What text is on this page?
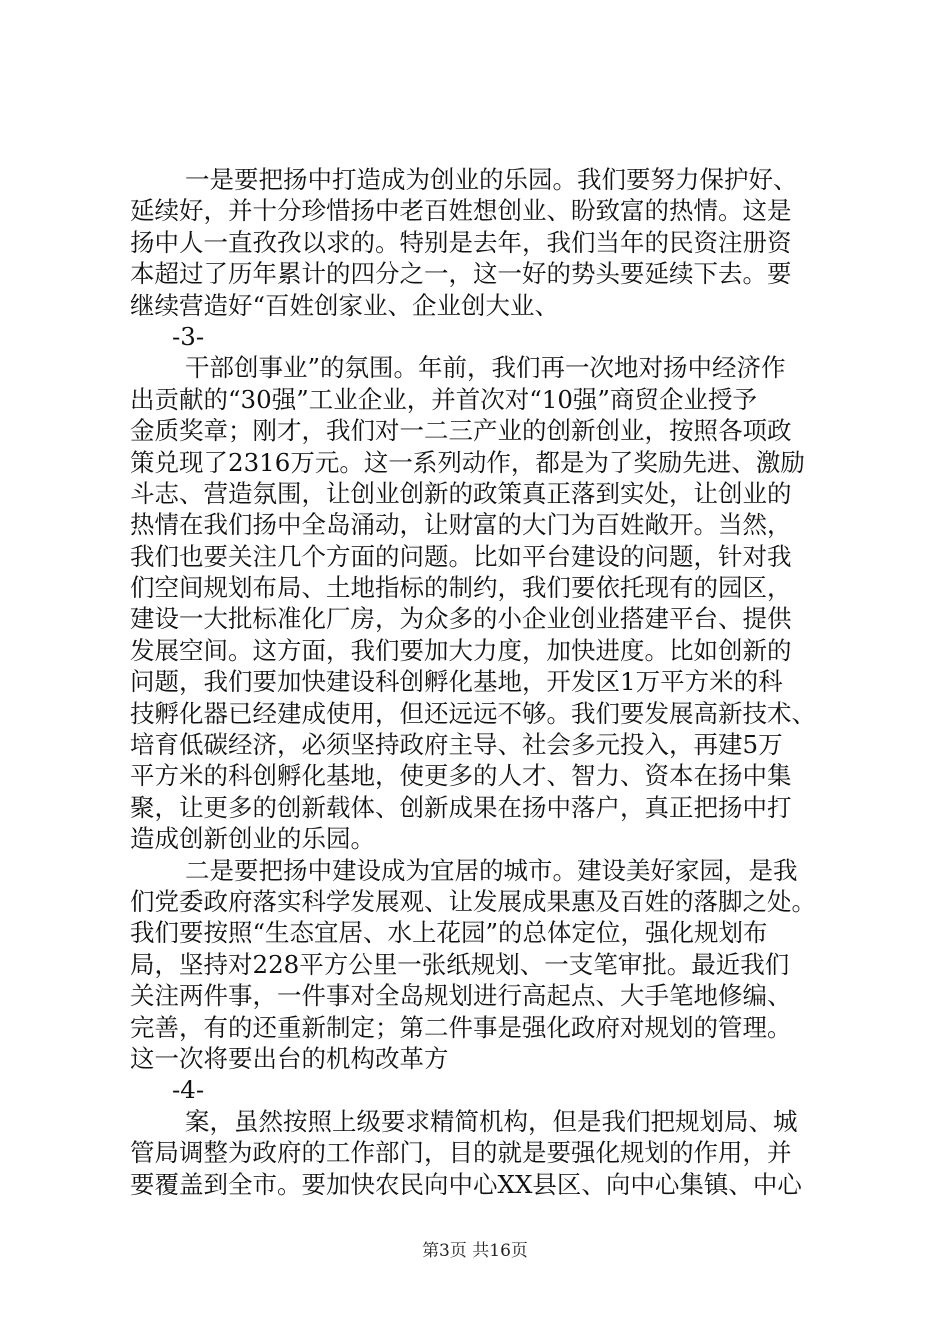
一是要把扬中打造成为创业的乐园。我们要努力保护好、
延续好，并十分珍惜扬中老百姓想创业、盼致富的热情。这是
扬中人一直孜孜以求的。特别是去年，我们当年的民资注册资
本超过了历年累计的四分之一，这一好的势头要延续下去。要
继续营造好“百姓创家业、企业创大业、
-3-
干部创事业”的氛围。年前，我们再一次地对扬中经济作
出贡献的“30强”工业企业，并首次对“10强”商贸企业授予
金质奖章；刚才，我们对一二三产业的创新创业，按照各项政
策兑现了2316万元。这一系列动作，都是为了奖励先进、激励
斗志、营造氛围，让创业创新的政策真正落到实处，让创业的
热情在我们扬中全岛涌动，让财富的大门为百姓敞开。当然，
我们也要关注几个方面的问题。比如平台建设的问题，针对我
们空间规划布局、土地指标的制约，我们要依托现有的园区，
建设一大批标准化厂房，为众多的小企业创业搭建平台、提供
发展空间。这方面，我们要加大力度，加快进度。比如创新的
问题，我们要加快建设科创孵化基地，开发区1万平方米的科
技孵化器已经建成使用，但还远远不够。我们要发展高新技术、
培育低碳经济，必须坚持政府主导、社会多元投入，再建5万
平方米的科创孵化基地，使更多的人才、智力、资本在扬中集
聚，让更多的创新载体、创新成果在扬中落户，真正把扬中打
造成创新创业的乐园。
二是要把扬中建设成为宜居的城市。建设美好家园，是我
们党委政府落实科学发展观、让发展成果惠及百姓的落脚之处。
我们要按照“生态宜居、水上花园”的总体定位，强化规划布
局，坚持对228平方公里一张纸规划、一支笔审批。最近我们
关注两件事，一件事对全岛规划进行高起点、大手笔地修编、
完善，有的还重新制定；第二件事是强化政府对规划的管理。
这一次将要出台的机构改革方
-4-
案，虽然按照上级要求精简机构，但是我们把规划局、城
管局调整为政府的工作部门，目的就是要强化规划的作用，并
要覆盖到全市。要加快农民向中心XX县区、向中心集镇、中心
第3页 共16页
